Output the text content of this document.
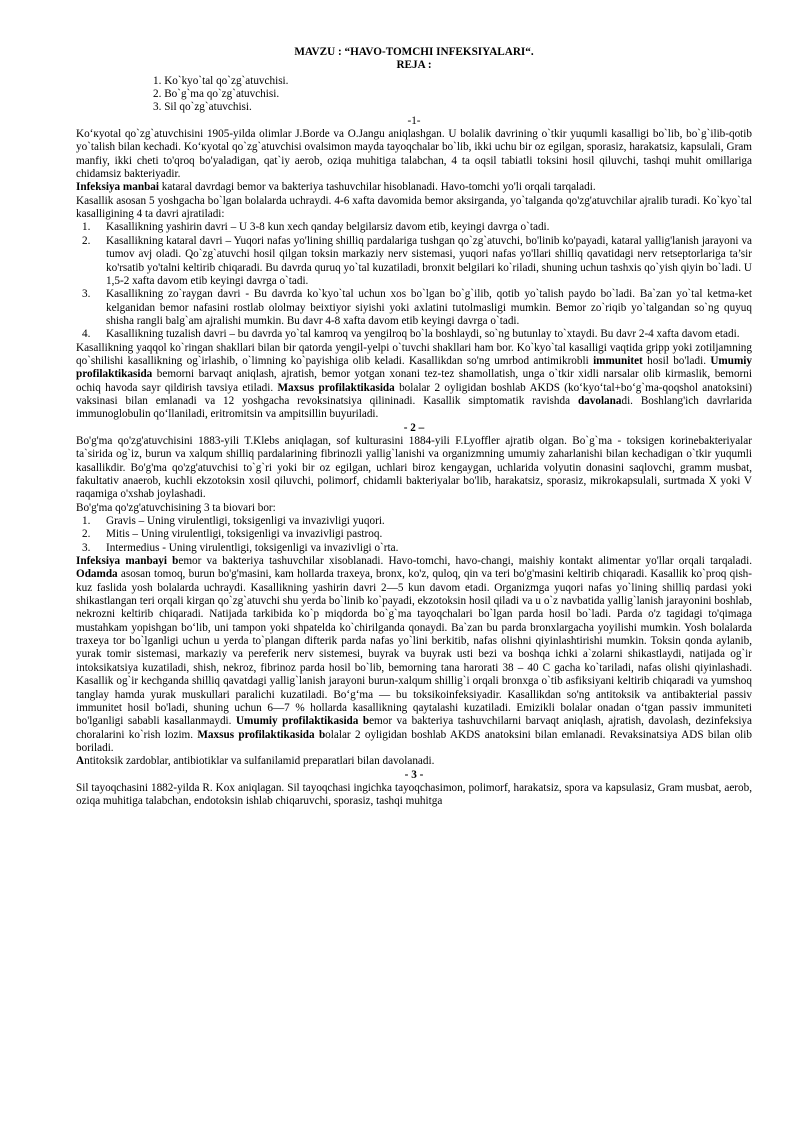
MAVZU : “HAVO-TOMCHI INFEKSIYALARI“.

REJA :

1. Ko`kyo`tal qo`zg`atuvchisi.
2. Bo`g`ma qo`zg`atuvchisi.
3. Sil qo`zg`atuvchisi.

-1-

Koʻкyotal qo`zg`atuvchisini 1905-yilda olimlar J.Borde va O.Jangu aniqlashgan. U bolalik davrining o`tkir yuqumli kasalligi bo`lib, bo`g`ilib-qotib yo`talish bilan kechadi. Koʻкyotal qo`zg`atuvchisi ovalsimon mayda tayoqchalar bo`lib, ikki uchu bir oz egilgan, sporasiz, harakatsiz, kapsulali, Gram manfiy, ikki cheti to'qroq bo'yaladigan, qat`iy aerob, oziqa muhitiga talabchan, 4 ta oqsil tabiatli toksini hosil qiluvchi, tashqi muhit omillariga chidamsiz bakteriyadir.

Infeksiya manbai kataral davrdagi bemor va bakteriya tashuvchilar hisoblanadi. Havo-tomchi yo'li orqali tarqaladi.

Kasallik asosan 5 yoshgacha bo`lgan bolalarda uchraydi. 4-6 xafta davomida bemor aksirganda, yo`talganda qo'zg'atuvchilar ajralib turadi. Ko`kyo`tal kasalligining 4 ta davri ajratiladi:

1. Kasallikning yashirin davri – U 3-8 kun xech qanday belgilarsiz davom etib, keyingi davrga o`tadi.
2. Kasallikning kataral davri – Yuqori nafas yo'lining shilliq pardalariga tushgan qo`zg`atuvchi, bo'linib ko'payadi, kataral yallig'lanish jarayoni va tumov avj oladi. Qo`zg`atuvchi hosil qilgan toksin markaziy nerv sistemasi, yuqori nafas yo'llari shilliq qavatidagi nerv retseptorlariga ta’sir ko'rsatib yo'talni keltirib chiqaradi. Bu davrda quruq yo`tal kuzatiladi, bronxit belgilari ko`riladi, shuning uchun tashxis qo`yish qiyin bo`ladi. U 1,5-2 xafta davom etib keyingi davrga o`tadi.
3. Kasallikning zo`raygan davri - Bu davrda ko`kyo`tal uchun xos bo`lgan bo`g`ilib, qotib yo`talish paydo bo`ladi. Ba`zan yo`tal ketma-ket kelganidan bemor nafasini rostlab ololmay beixtiyor siyishi yoki axlatini tutolmasligi mumkin. Bemor zo`riqib yo`talgandan so`ng quyuq shisha rangli balg`am ajralishi mumkin. Bu davr 4-8 xafta davom etib keyingi davrga o`tadi.
4. Kasallikning tuzalish davri – bu davrda yo`tal kamroq va yengilroq bo`la boshlaydi, so`ng butunlay to`xtaydi. Bu davr 2-4 xafta davom etadi.

Kasallikning yaqqol ko`ringan shakllari bilan bir qatorda yengil-yelpi o`tuvchi shakllari ham bor. Ko`kyo`tal kasalligi vaqtida gripp yoki zotiljamning qo`shilishi kasallikning og`irlashib, o`limning ko`payishiga olib keladi. Kasallikdan so'ng umrbod antimikrobli immunitet hosil bo'ladi. Umumiy profilaktikasida bemorni barvaqt aniqlash, ajratish, bemor yotgan xonani tez-tez shamollatish, unga o`tkir xidli narsalar olib kirmaslik, bemorni ochiq havoda sayr qildirish tavsiya etiladi. Maxsus profilaktikasida bolalar 2 oyligidan boshlab AKDS (ko‘kyo‘tal+bo‘g`ma-qoqshol anatoksini) vaksinasi bilan emlanadi va 12 yoshgacha revoksinatsiya qilininadi. Kasallik simptomatik ravishda davolanadi. Boshlang'ich davrlarida immunoglobulin qo‘llaniladi, eritromitsin va ampitsillin buyuriladi.

- 2 –

Bo'g'ma qo'zg'atuvchisini 1883-yili T.Klebs aniqlagan, sof kulturasini 1884-yili F.Lyoffler ajratib olgan. Bo`g`ma - toksigen korinebakteriyalar ta`sirida og`iz, burun va xalqum shilliq pardalarining fibrinozli yallig`lanishi va organizmning umumiy zaharlanishi bilan kechadigan o`tkir yuqumli kasallikdir. Bo'g'ma qo'zg'atuvchisi to`g`ri yoki bir oz egilgan, uchlari biroz kengaygan, uchlarida volyutin donasini saqlovchi, gramm musbat, fakultativ anaerob, kuchli ekzotoksin xosil qiluvchi, polimorf, chidamli bakteriyalar bo'lib, harakatsiz, sporasiz, mikrokapsulali, surtmada X yoki V raqamiga o'xshab joylashadi.

Bo'g'ma qo'zg'atuvchisining 3 ta biovari bor:

1. Gravis – Uning virulentligi, toksigenligi va invazivligi yuqori.
2. Mitis – Uning virulentligi, toksigenligi va invazivligi pastroq.
3. Intermedius - Uning virulentligi, toksigenligi va invazivligi o`rta.

Infeksiya manbayi bemor va bakteriya tashuvchilar xisoblanadi. Havo-tomchi, havo-changi, maishiy kontakt alimentar yo'llar orqali tarqaladi. Odamda asosan tomoq, burun bo'g'masini, kam hollarda traxeya, bronx, ko'z, quloq, qin va teri bo'g'masini keltirib chiqaradi. Kasallik ko`proq qish-kuz faslida yosh bolalarda uchraydi. Kasallikning yashirin davri 2—5 kun davom etadi. Organizmga yuqori nafas yo`lining shilliq pardasi yoki shikastlangan teri orqali kirgan qo`zg`atuvchi shu yerda bo`linib ko`payadi, ekzotoksin hosil qiladi va u o`z navbatida yallig`lanish jarayonini boshlab, nekrozni keltirib chiqaradi. Natijada tarkibida ko`p miqdorda bo`g`ma tayoqchalari bo`lgan parda hosil bo`ladi. Parda o'z tagidagi to'qimaga mustahkam yopishgan bo‘lib, uni tampon yoki shpatelda ko`chirilganda qonaydi. Ba`zan bu parda bronxlargacha yoyilishi mumkin. Yosh bolalarda traxeya tor bo`lganligi uchun u yerda to`plangan difterik parda nafas yo`lini berkitib, nafas olishni qiyinlashtirishi mumkin. Toksin qonda aylanib, yurak tomir sistemasi, markaziy va pereferik nerv sistemesi, buyrak va buyrak usti bezi va boshqa ichki a`zolarni shikastlaydi, natijada og`ir intoksikatsiya kuzatiladi, shish, nekroz, fibrinoz parda hosil bo`lib, bemorning tana harorati 38 – 40 C gacha ko`tariladi, nafas olishi qiyinlashadi. Kasallik og`ir kechganda shilliq qavatdagi yallig`lanish jarayoni burun-xalqum shillig`i orqali bronxga o`tib asfiksiyani keltirib chiqaradi va yumshoq tanglay hamda yurak muskullari paralichi kuzatiladi. Bo‘g‘ma — bu toksikoinfeksiyadir. Kasallikdan so'ng antitoksik va antibakterial passiv immunitet hosil bo'ladi, shuning uchun 6—7 % hollarda kasallikning qaytalashi kuzatiladi. Emizikli bolalar onadan o‘tgan passiv immuniteti bo'lganligi sababli kasallanmaydi. Umumiy profilaktikasida bemor va bakteriya tashuvchilarni barvaqt aniqlash, ajratish, davolash, dezinfeksiya choralarini ko`rish lozim. Maxsus profilaktikasida bolalar 2 oyligidan boshlab AKDS anatoksini bilan emlanadi. Revaksinatsiya ADS bilan olib boriladi.

Antitoksik zardoblar, antibiotiklar va sulfanilamid preparatlari bilan davolanadi.

- 3 -

Sil tayoqchasini 1882-yilda R. Kox aniqlagan. Sil tayoqchasi ingichka tayoqchasimon, polimorf, harakatsiz, spora va kapsulasiz, Gram musbat, aerob, oziqa muhitiga talabchan, endotoksin ishlab chiqaruvchi, sporasiz, tashqi muhitga
